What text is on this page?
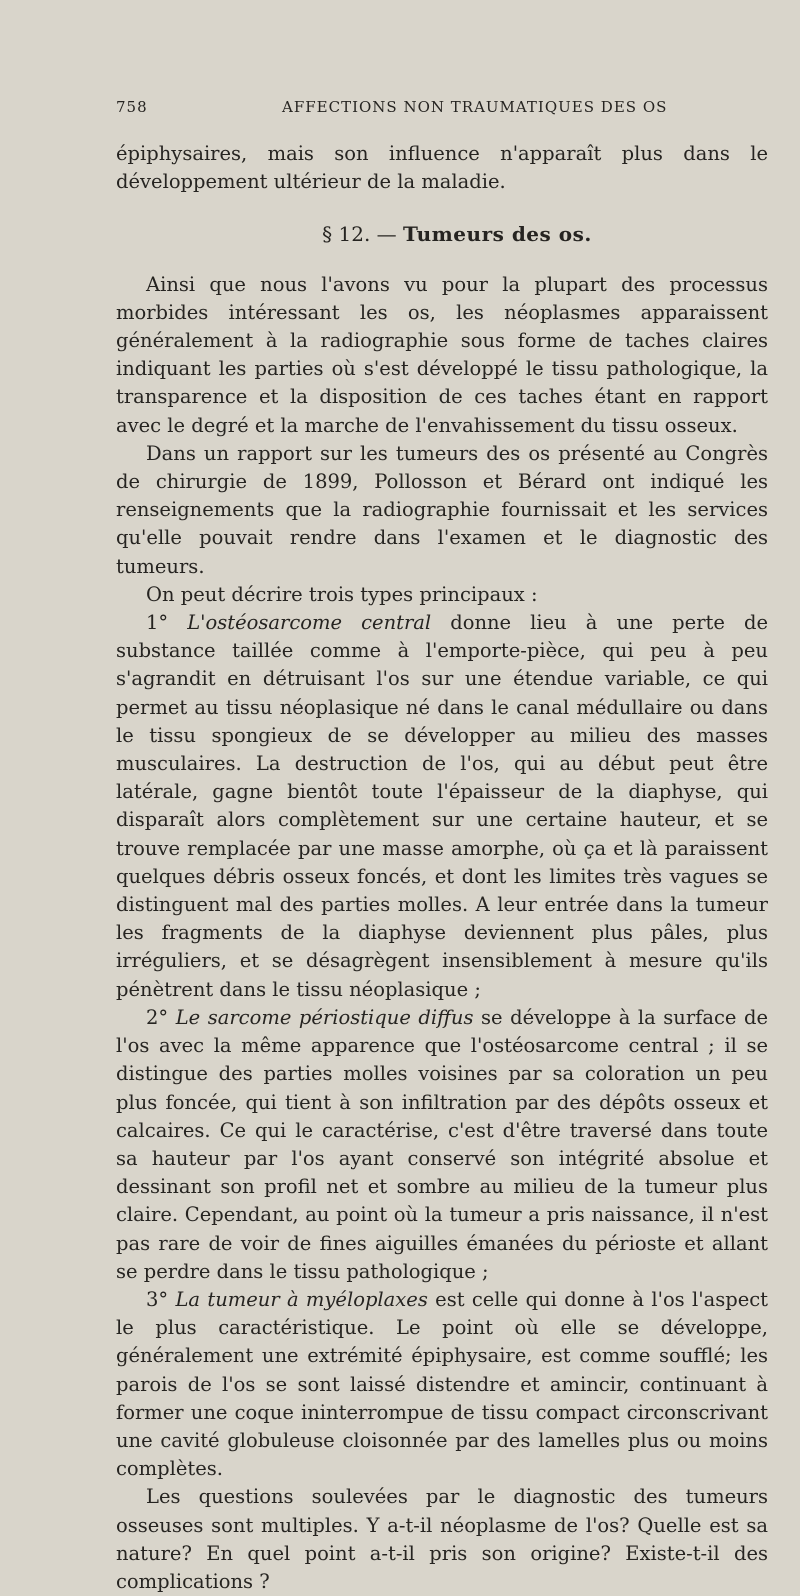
758	AFFECTIONS NON TRAUMATIQUES DES OS

épiphysaires, mais son influence n'apparaît plus dans le développement ultérieur de la maladie.

§ 12. — Tumeurs des os.

Ainsi que nous l'avons vu pour la plupart des processus morbides intéressant les os, les néoplasmes apparaissent généralement à la radiographie sous forme de taches claires indiquant les parties où s'est développé le tissu pathologique, la transparence et la disposition de ces taches étant en rapport avec le degré et la marche de l'envahissement du tissu osseux.

Dans un rapport sur les tumeurs des os présenté au Congrès de chirurgie de 1899, Pollosson et Bérard ont indiqué les renseignements que la radiographie fournissait et les services qu'elle pouvait rendre dans l'examen et le diagnostic des tumeurs.

On peut décrire trois types principaux :

1° L'ostéosarcome central donne lieu à une perte de substance taillée comme à l'emporte-pièce, qui peu à peu s'agrandit en détruisant l'os sur une étendue variable, ce qui permet au tissu néoplasique né dans le canal médullaire ou dans le tissu spongieux de se développer au milieu des masses musculaires. La destruction de l'os, qui au début peut être latérale, gagne bientôt toute l'épaisseur de la diaphyse, qui disparaît alors complètement sur une certaine hauteur, et se trouve remplacée par une masse amorphe, où ça et là paraissent quelques débris osseux foncés, et dont les limites très vagues se distinguent mal des parties molles. A leur entrée dans la tumeur les fragments de la diaphyse deviennent plus pâles, plus irréguliers, et se désagrègent insensiblement à mesure qu'ils pénètrent dans le tissu néoplasique ;

2° Le sarcome périostique diffus se développe à la surface de l'os avec la même apparence que l'ostéosarcome central ; il se distingue des parties molles voisines par sa coloration un peu plus foncée, qui tient à son infiltration par des dépôts osseux et calcaires. Ce qui le caractérise, c'est d'être traversé dans toute sa hauteur par l'os ayant conservé son intégrité absolue et dessinant son profil net et sombre au milieu de la tumeur plus claire. Cependant, au point où la tumeur a pris naissance, il n'est pas rare de voir de fines aiguilles émanées du périoste et allant se perdre dans le tissu pathologique ;

3° La tumeur à myéloplaxes est celle qui donne à l'os l'aspect le plus caractéristique. Le point où elle se développe, généralement une extrémité épiphysaire, est comme soufflé; les parois de l'os se sont laissé distendre et amincir, continuant à former une coque ininterrompue de tissu compact circonscrivant une cavité globuleuse cloisonnée par des lamelles plus ou moins complètes.

Les questions soulevées par le diagnostic des tumeurs osseuses sont multiples. Y a-t-il néoplasme de l'os? Quelle est sa nature? En quel point a-t-il pris son origine? Existe-t-il des complications ?
